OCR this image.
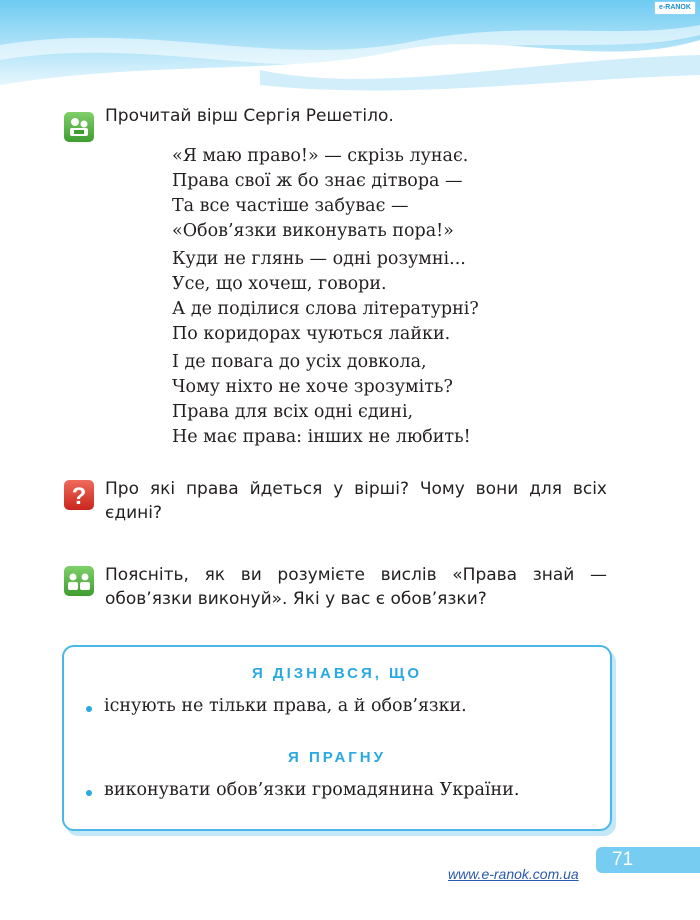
e-RANOK
Прочитай вірш Сергія Решетіло.
«Я маю право!» — скрізь лунає.
Права свої ж бо знає дітвора —
Та все частіше забуває —
«Обов’язки виконувать пора!»
Куди не глянь — одні розумні...
Усе, що хочеш, говори.
А де поділися слова літературні?
По коридорах чуються лайки.
І де повага до усіх довкола,
Чому ніхто не хоче зрозуміть?
Права для всіх одні єдині,
Не має права: інших не любить!
? Про які права йдеться у вірші? Чому вони для всіх єдині?
Поясніть, як ви розумієте вислів «Права знай — обов’язки виконуй». Які у вас є обов’язки?
Я ДІЗНАВСЯ, ЩО
існують не тільки права, а й обов’язки.
Я ПРАГНУ
виконувати обов’язки громадянина України.
71
www.e-ranok.com.ua
